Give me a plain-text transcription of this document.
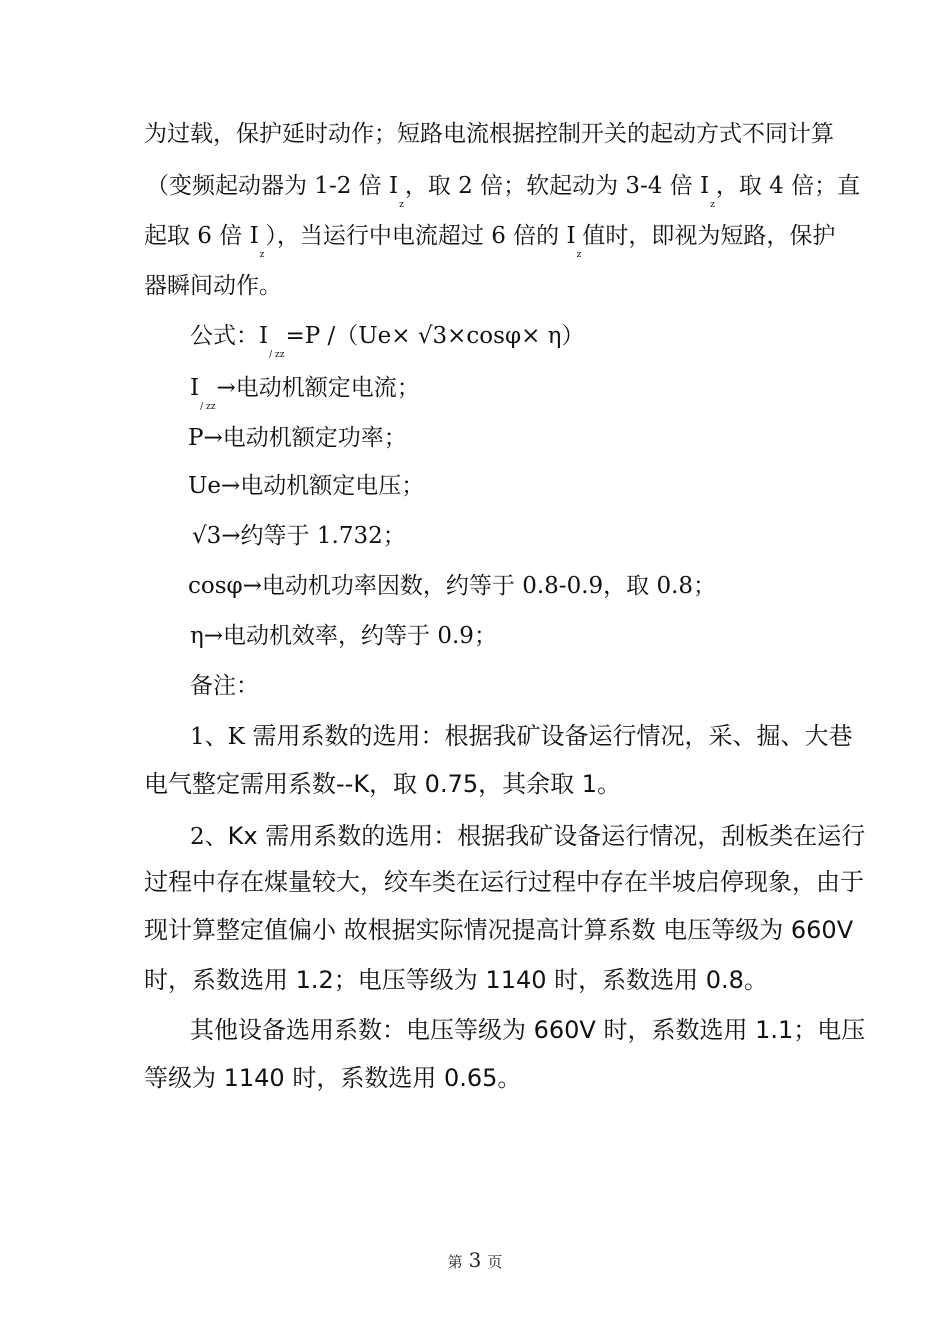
为过载，保护延时动作；短路电流根据控制开关的起动方式不同计算
（变频起动器为 1-2 倍 $I_z$，取 2 倍；软起动为 3-4 倍 $I_z$，取 4 倍；直
起取 6 倍 $I_z$），当运行中电流超过 6 倍的 $I_z$值时，即视为短路，保护
器瞬间动作。
公式：$I_{/ zz}=P$ /（Ue× √3×cosφ× η）
$I_{/ zz}\to$电动机额定电流；
P→电动机额定功率；
Ue→电动机额定电压；
√3→约等于 1.732；
cosφ→电动机功率因数，约等于 0.8-0.9，取 0.8；
η→电动机效率，约等于 0.9；
备注：
1、K 需用系数的选用：根据我矿设备运行情况，采、掘、大巷
电气整定需用系数--K，取 0.75，其余取 1。
2、Kx 需用系数的选用：根据我矿设备运行情况，刮板类在运行
过程中存在煤量较大，绞车类在运行过程中存在半坡启停现象，由于
现计算整定值偏小 故根据实际情况提高计算系数 电压等级为 660V
时，系数选用 1.2；电压等级为 1140 时，系数选用 0.8。
其他设备选用系数：电压等级为 660V 时，系数选用 1.1；电压
等级为 1140 时，系数选用 0.65。
第 3 页
